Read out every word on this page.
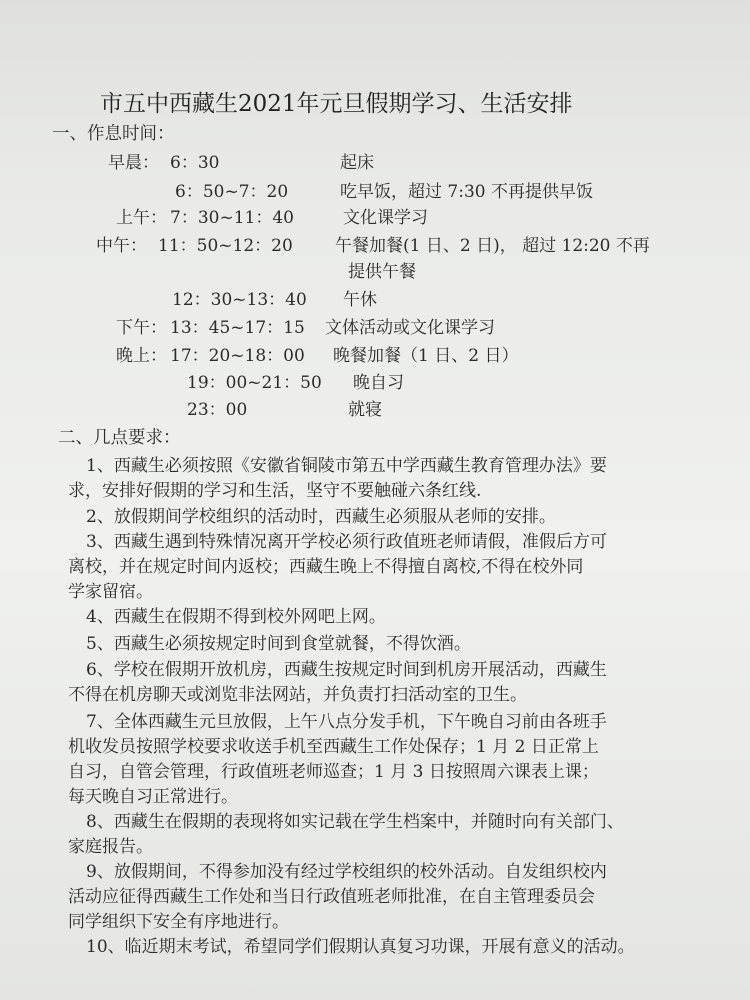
市五中西藏生2021年元旦假期学习、生活安排
一、作息时间：
早晨： 6：30	起床
6：50~7：20	吃早饭，超过 7:30 不再提供早饭
上午： 7：30~11：40	文化课学习
中午： 11：50~12：20 午餐加餐(1 日、2 日)， 超过 12:20 不再
提供午餐
12：30~13：40 午休
下午： 13：45~17：15 文体活动或文化课学习
晚上： 17：20~18：00 晚餐加餐（1 日、2 日）
19：00~21：50 晚自习
23：00	就寝
二、几点要求：
1、西藏生必须按照《安徽省铜陵市第五中学西藏生教育管理办法》要
求，安排好假期的学习和生活，坚守不要触碰六条红线.
2、放假期间学校组织的活动时，西藏生必须服从老师的安排。
3、西藏生遇到特殊情况离开学校必须行政值班老师请假，准假后方可
离校，并在规定时间内返校；西藏生晚上不得擅自离校,不得在校外同
学家留宿。
4、西藏生在假期不得到校外网吧上网。
5、西藏生必须按规定时间到食堂就餐，不得饮酒。
6、学校在假期开放机房，西藏生按规定时间到机房开展活动，西藏生
不得在机房聊天或浏览非法网站，并负责打扫活动室的卫生。
7、全体西藏生元旦放假，上午八点分发手机，下午晚自习前由各班手
机收发员按照学校要求收送手机至西藏生工作处保存；1 月 2 日正常上
自习，自管会管理，行政值班老师巡查；1 月 3 日按照周六课表上课；
每天晚自习正常进行。
8、西藏生在假期的表现将如实记载在学生档案中，并随时向有关部门、
家庭报告。
9、放假期间，不得参加没有经过学校组织的校外活动。自发组织校内
活动应征得西藏生工作处和当日行政值班老师批准，在自主管理委员会
同学组织下安全有序地进行。
10、临近期末考试，希望同学们假期认真复习功课，开展有意义的活动。
